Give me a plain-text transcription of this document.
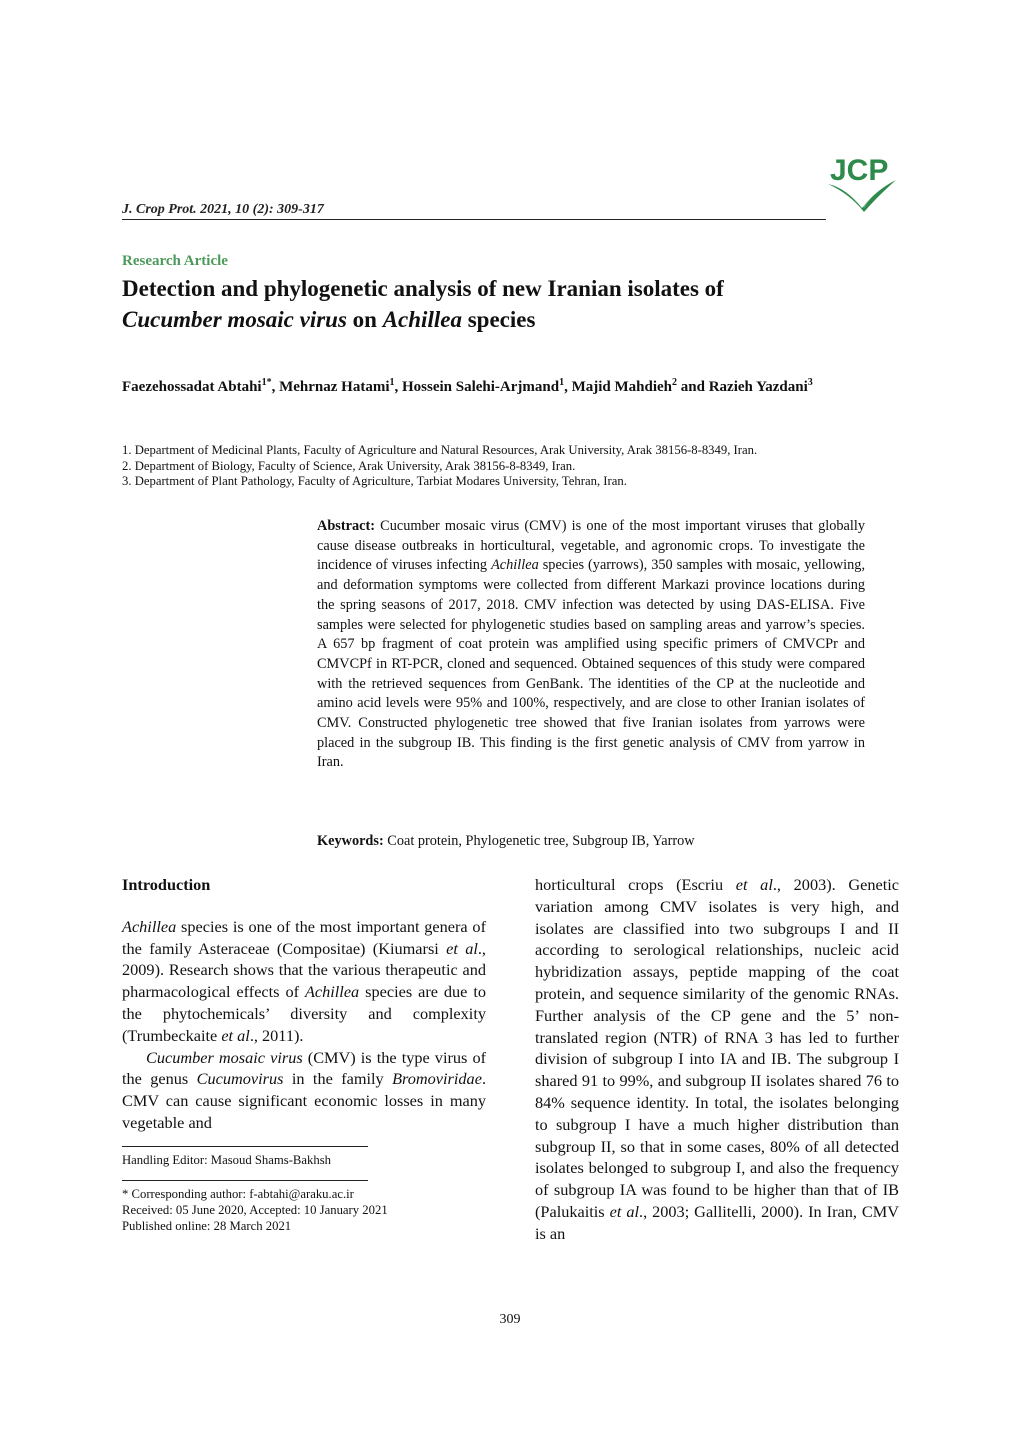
JCP
J. Crop Prot. 2021, 10 (2): 309-317
Research Article
Detection and phylogenetic analysis of new Iranian isolates of
Cucumber mosaic virus on Achillea species
Faezehossadat Abtahi$^{1*}$, Mehrnaz Hatami$^1$, Hossein Salehi-Arjmand$^1$, Majid Mahdieh$^2$ and Razieh Yazdani$^3$
1. Department of Medicinal Plants, Faculty of Agriculture and Natural Resources, Arak University, Arak 38156-8-8349, Iran.
2. Department of Biology, Faculty of Science, Arak University, Arak 38156-8-8349, Iran.
3. Department of Plant Pathology, Faculty of Agriculture, Tarbiat Modares University, Tehran, Iran.
Abstract: Cucumber mosaic virus (CMV) is one of the most important viruses that globally cause disease outbreaks in horticultural, vegetable, and agronomic crops. To investigate the incidence of viruses infecting Achillea species (yarrows), 350 samples with mosaic, yellowing, and deformation symptoms were collected from different Markazi province locations during the spring seasons of 2017, 2018. CMV infection was detected by using DAS-ELISA. Five samples were selected for phylogenetic studies based on sampling areas and yarrow’s species. A 657 bp fragment of coat protein was amplified using specific primers of CMVCPr and CMVCPf in RT-PCR, cloned and sequenced. Obtained sequences of this study were compared with the retrieved sequences from GenBank. The identities of the CP at the nucleotide and amino acid levels were 95% and 100%, respectively, and are close to other Iranian isolates of CMV. Constructed phylogenetic tree showed that five Iranian isolates from yarrows were placed in the subgroup IB. This finding is the first genetic analysis of CMV from yarrow in Iran.
Keywords: Coat protein, Phylogenetic tree, Subgroup IB, Yarrow
Introduction

Achillea species is one of the most important genera of the family Asteraceae (Compositae) (Kiumarsi et al., 2009). Research shows that the various therapeutic and pharmacological effects of Achillea species are due to the phytochemicals’ diversity and complexity (Trumbeckaite et al., 2011).

Cucumber mosaic virus (CMV) is the type virus of the genus Cucumovirus in the family Bromoviridae. CMV can cause significant economic losses in many vegetable and

Handling Editor: Masoud Shams-Bakhsh
* Corresponding author: f-abtahi@araku.ac.ir
Received: 05 June 2020, Accepted: 10 January 2021
Published online: 28 March 2021

horticultural crops (Escriu et al., 2003). Genetic variation among CMV isolates is very high, and isolates are classified into two subgroups I and II according to serological relationships, nucleic acid hybridization assays, peptide mapping of the coat protein, and sequence similarity of the genomic RNAs. Further analysis of the CP gene and the 5’ non-translated region (NTR) of RNA 3 has led to further division of subgroup I into IA and IB. The subgroup I shared 91 to 99%, and subgroup II isolates shared 76 to 84% sequence identity. In total, the isolates belonging to subgroup I have a much higher distribution than subgroup II, so that in some cases, 80% of all detected isolates belonged to subgroup I, and also the frequency of subgroup IA was found to be higher than that of IB (Palukaitis et al., 2003; Gallitelli, 2000). In Iran, CMV is an

309
